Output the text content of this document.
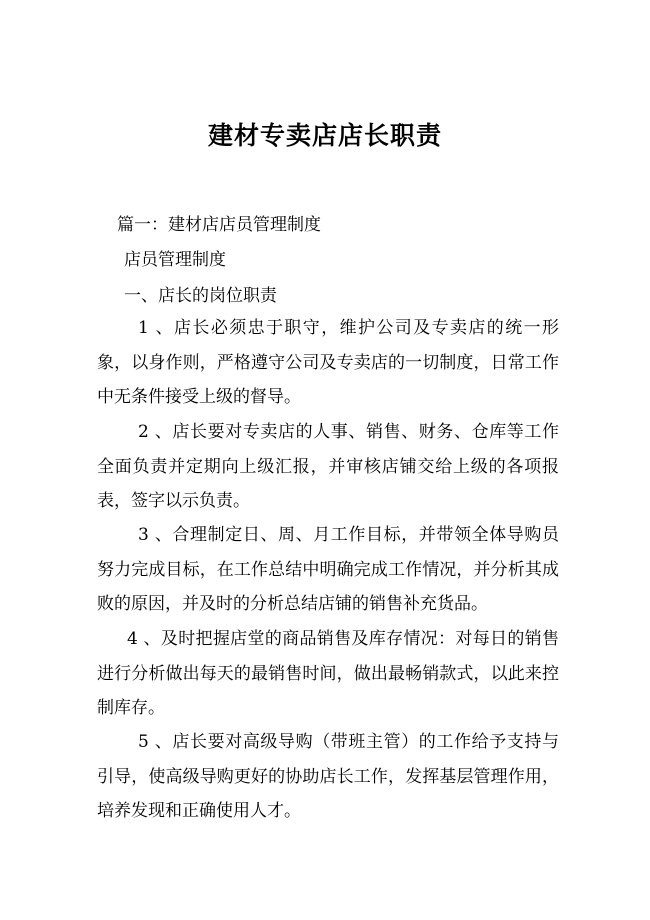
建材专卖店店长职责

篇一：建材店店员管理制度

店员管理制度

一、店长的岗位职责

1 、店长必须忠于职守，维护公司及专卖店的统一形象，以身作则，严格遵守公司及专卖店的一切制度，日常工作中无条件接受上级的督导。

2 、店长要对专卖店的人事、销售、财务、仓库等工作全面负责并定期向上级汇报，并审核店铺交给上级的各项报表，签字以示负责。

3 、合理制定日、周、月工作目标，并带领全体导购员努力完成目标，在工作总结中明确完成工作情况，并分析其成败的原因，并及时的分析总结店铺的销售补充货品。

4 、及时把握店堂的商品销售及库存情况：对每日的销售进行分析做出每天的最销售时间，做出最畅销款式，以此来控制库存。

5 、店长要对高级导购（带班主管）的工作给予支持与引导，使高级导购更好的协助店长工作，发挥基层管理作用，培养发现和正确使用人才。
